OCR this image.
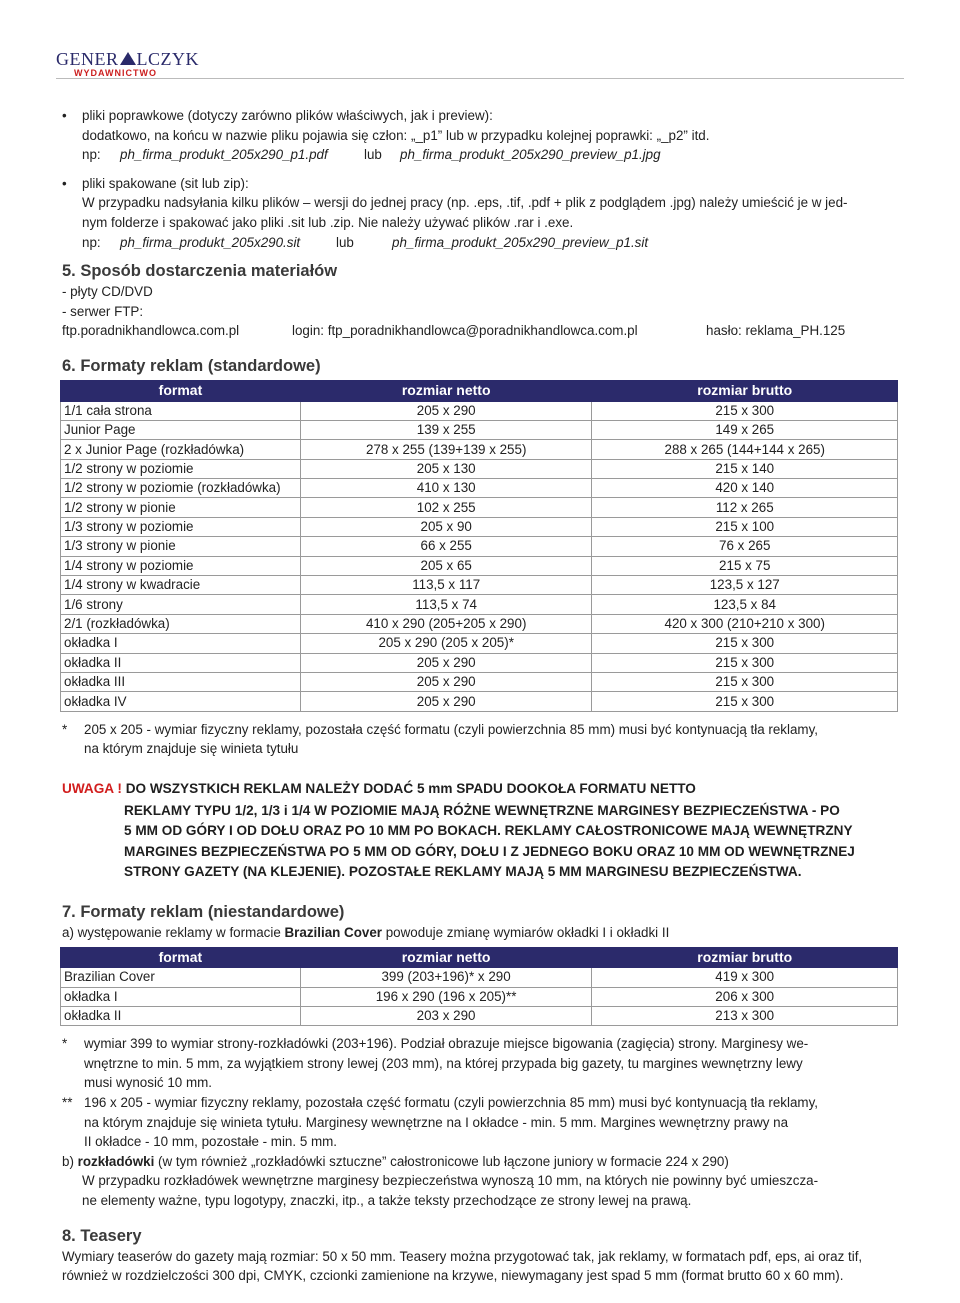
GENER LCZYK
WYDAWNICTWO
• pliki poprawkowe (dotyczy zarówno plików właściwych, jak i preview):
dodatkowo, na końcu w nazwie pliku pojawia się człon: „_p1” lub w przypadku kolejnej poprawki: „_p2” itd.
np: ph_firma_produkt_205x290_p1.pdf	lub ph_firma_produkt_205x290_preview_p1.jpg
• pliki spakowane (sit lub zip):
W przypadku nadsyłania kilku plików – wersji do jednej pracy (np. .eps, .tif, .pdf + plik z podglądem .jpg) należy umieścić je w jed-
nym folderze i spakować jako pliki .sit lub .zip. Nie należy używać plików .rar i .exe.
np: ph_firma_produkt_205x290.sit	lub	ph_firma_produkt_205x290_preview_p1.sit
5. Sposób dostarczenia materiałów
- płyty CD/DVD
- serwer FTP:
ftp.poradnikhandlowca.com.pl	login: ftp_poradnikhandlowca@poradnikhandlowca.com.pl	hasło: reklama_PH.125
6. Formaty reklam (standardowe)
format	rozmiar netto	rozmiar brutto
1/1 cała strona	205 x 290	215 x 300
Junior Page	139 x 255	149 x 265
2 x Junior Page (rozkładówka)	278 x 255 (139+139 x 255)	288 x 265 (144+144 x 265)
1/2 strony w poziomie	205 x 130	215 x 140
1/2 strony w poziomie (rozkładówka)	410 x 130	420 x 140
1/2 strony w pionie	102 x 255	112 x 265
1/3 strony w poziomie	205 x 90	215 x 100
1/3 strony w pionie	66 x 255	76 x 265
1/4 strony w poziomie	205 x 65	215 x 75
1/4 strony w kwadracie	113,5 x 117	123,5 x 127
1/6 strony	113,5 x 74	123,5 x 84
2/1 (rozkładówka)	410 x 290 (205+205 x 290)	420 x 300 (210+210 x 300)
okładka I	205 x 290 (205 x 205)*	215 x 300
okładka II	205 x 290	215 x 300
okładka III	205 x 290	215 x 300
okładka IV	205 x 290	215 x 300
* 205 x 205 - wymiar fizyczny reklamy, pozostała część formatu (czyli powierzchnia 85 mm) musi być kontynuacją tła reklamy,
na którym znajduje się winieta tytułu
UWAGA ! DO WSZYSTKICH REKLAM NALEŻY DODAĆ 5 mm SPADU DOOKOŁA FORMATU NETTO
REKLAMY TYPU 1/2, 1/3 i 1/4 W POZIOMIE MAJĄ RÓŻNE WEWNĘTRZNE MARGINESY BEZPIECZEŃSTWA - PO
5 MM OD GÓRY I OD DOŁU ORAZ PO 10 MM PO BOKACH. REKLAMY CAŁOSTRONICOWE MAJĄ WEWNĘTRZNY
MARGINES BEZPIECZEŃSTWA PO 5 MM OD GÓRY, DOŁU I Z JEDNEGO BOKU ORAZ 10 MM OD WEWNĘTRZNEJ
STRONY GAZETY (NA KLEJENIE). POZOSTAŁE REKLAMY MAJĄ 5 MM MARGINESU BEZPIECZEŃSTWA.
7. Formaty reklam (niestandardowe)
a) występowanie reklamy w formacie Brazilian Cover powoduje zmianę wymiarów okładki I i okładki II
format	rozmiar netto	rozmiar brutto
Brazilian Cover	399 (203+196)* x 290	419 x 300
okładka I	196 x 290 (196 x 205)**	206 x 300
okładka II	203 x 290	213 x 300
* wymiar 399 to wymiar strony-rozkładówki (203+196). Podział obrazuje miejsce bigowania (zagięcia) strony. Marginesy we-
wnętrzne to min. 5 mm, za wyjątkiem strony lewej (203 mm), na której przypada big gazety, tu margines wewnętrzny lewy
musi wynosić 10 mm.
** 196 x 205 - wymiar fizyczny reklamy, pozostała część formatu (czyli powierzchnia 85 mm) musi być kontynuacją tła reklamy,
na którym znajduje się winieta tytułu. Marginesy wewnętrzne na I okładce - min. 5 mm. Margines wewnętrzny prawy na
II okładce - 10 mm, pozostałe - min. 5 mm.
b) rozkładówki (w tym również „rozkładówki sztuczne” całostronicowe lub łączone juniory w formacie 224 x 290)
W przypadku rozkładówek wewnętrzne marginesy bezpieczeństwa wynoszą 10 mm, na których nie powinny być umieszcza-
ne elementy ważne, typu logotypy, znaczki, itp., a także teksty przechodzące ze strony lewej na prawą.
8. Teasery
Wymiary teaserów do gazety mają rozmiar: 50 x 50 mm. Teasery można przygotować tak, jak reklamy, w formatach pdf, eps, ai oraz tif,
również w rozdzielczości 300 dpi, CMYK, czcionki zamienione na krzywe, niewymagany jest spad 5 mm (format brutto 60 x 60 mm).
